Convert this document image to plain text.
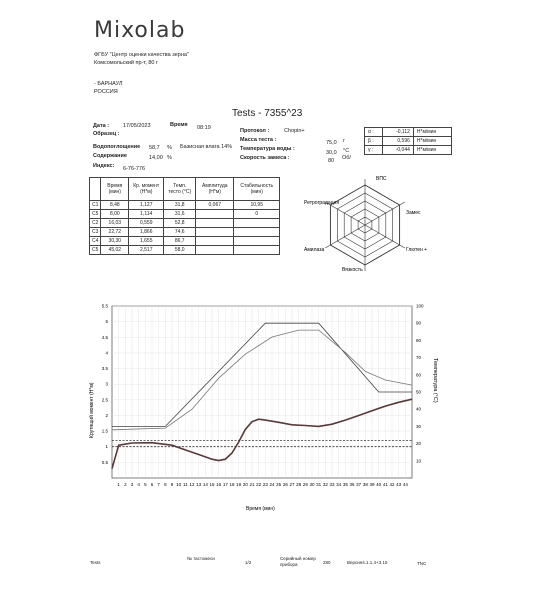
Mixolab
ФГБУ "Центр оценки качества зерна"
Комсомольский пр-т, 80 г
- БАРНАУЛ
РОССИЯ
Tests - 7355^23
Дата :	17/05/2023	Время 08:19
Образец :
Водопоглощение 58,7 % Базисная влага 14%
Содержание	14,00 %
Индекс: 6-76-776
Протокол :	Chopin+
Масса теста :	75,0 г
Температура воды :
30,0 °C
Скорость замеса :	80 Об/
α :	-0,112	H*м/мин
β :	0,596	H*м/мин
γ :	-0,044	H*м/мин
	Время (мин)	Кр. момент (Н*м)	Темп. тесто (°C)	Амплитуда (Н*м)	Стабильность (мин)
C1	8,48	1,127	31,8	0,067	10,95
C5	8,00	1,114	31,6		0
C2	16,03	0,559	52,8		
C3	22,72	1,866	74,6		
C4	30,30	1,655	86,7		
C5	45,02	2,517	58,0		
ВПС
Замес
Глютен +
Вязкость
Амилаза
Ретроградация
1 2 3 4 5 6 7 8 9 10 11 12 13 14 15 16 17 18 19 20 21 22 23 24 25 26 27 28 29 30 31 32 33 34 35 36 37 38 39 40 41 42 43 44
0.5
1
1.5
2
2.5
3
3.5
4
4.5
5
5.5
10
20
30
40
50
60
70
80
90
100
Время (мин)
Крутящий момент (Н*м)
Температура (°C)
Tests
№ тастомеси
1/2
Серийный номер прибора	280	Версия4.1.1.4+3.10	TNC
